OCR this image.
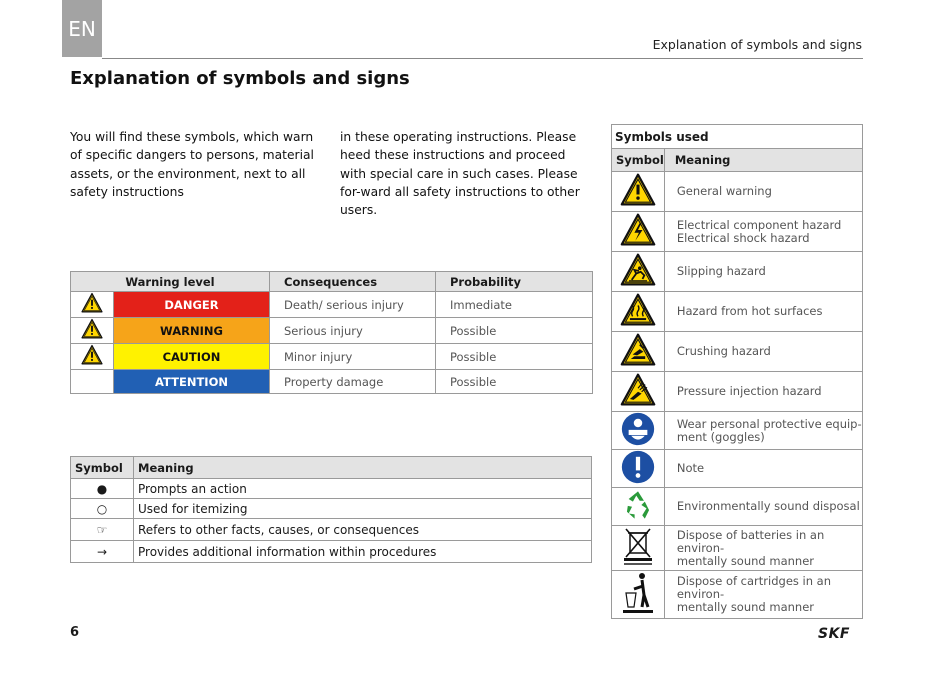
EN
Explanation of symbols and signs
Explanation of symbols and signs
You will find these symbols, which warn of specific dangers to persons, material assets, or the environment, next to all safety instructions
in these operating instructions. Please heed these instructions and proceed with special care in such cases. Please for-ward all safety instructions to other users.
Warning level		Consequences	Probability
	DANGER	Death/ serious injury	Immediate
	WARNING	Serious injury	Possible
	CAUTION	Minor injury	Possible
	ATTENTION	Property damage	Possible
Symbol	Meaning
●	Prompts an action
○	Used for itemizing
☞	Refers to other facts, causes, or consequences
→	Provides additional information within procedures
Symbols used	
Symbol	Meaning
	General warning
	Electrical component hazard
Electrical shock hazard
	Slipping hazard
	Hazard from hot surfaces
	Crushing hazard
	Pressure injection hazard
	Wear personal protective equip-
ment (goggles)
	Note
	Environmentally sound disposal
	Dispose of batteries in an environ-
mentally sound manner
	Dispose of cartridges in an environ-
mentally sound manner
6	SKF
